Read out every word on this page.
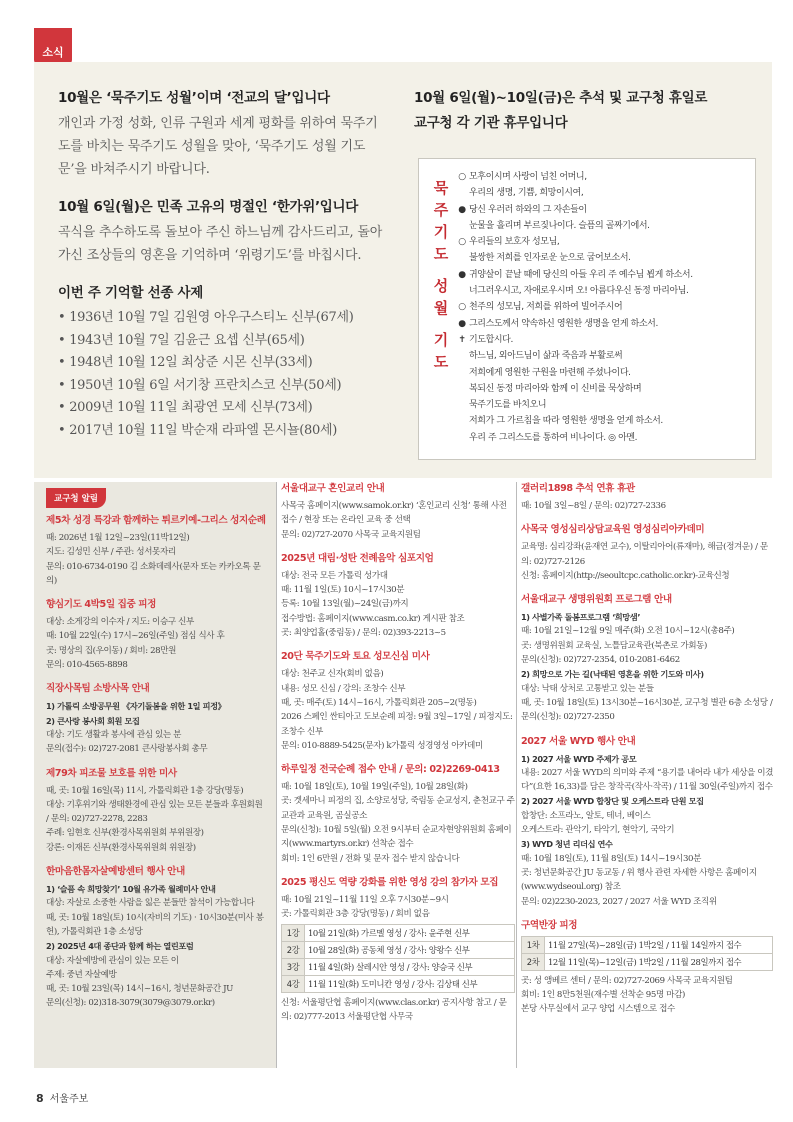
소식
10월은 ‘묵주기도 성월’이며 ‘전교의 달’입니다

개인과 가정 성화, 인류 구원과 세계 평화를 위하여 묵주기도를 바치는 묵주기도 성월을 맞아, ‘묵주기도 성월 기도문’을 바쳐주시기 바랍니다.

10월 6일(월)은 민족 고유의 명절인 ‘한가위’입니다

곡식을 추수하도록 돌보아 주신 하느님께 감사드리고, 돌아가신 조상들의 영혼을 기억하며 ‘위령기도’를 바칩시다.

이번 주 기억할 선종 사제
• 1936년 10월 7일 김원영 아우구스티노 신부(67세)
• 1943년 10월 7일 김윤근 요셉 신부(65세)
• 1948년 10월 12일 최상준 시몬 신부(33세)
• 1950년 10월 6일 서기창 프란치스코 신부(50세)
• 2009년 10월 11일 최광연 모세 신부(73세)
• 2017년 10월 11일 박순재 라파엘 몬시뇰(80세)
10월 6일(월)~10일(금)은 추석 및 교구청 휴일로
교구청 각 기관 휴무입니다
묵
주
기
도
성
월
기
도
○ 모후이시며 사랑이 넘친 어머니,
우리의 생명, 기쁨, 희망이시여,
● 당신 우러러 하와의 그 자손들이
눈물을 흘리며 부르짖나이다. 슬픔의 골짜기에서.
○ 우리들의 보호자 성모님,
불쌍한 저희를 인자로운 눈으로 굽어보소서.
● 귀양살이 끝날 때에 당신의 아들 우리 주 예수님 뵙게 하소서.
너그러우시고, 자애로우시며 오! 아름다우신 동정 마리아님.
○ 천주의 성모님, 저희를 위하여 빌어주시어
● 그리스도께서 약속하신 영원한 생명을 얻게 하소서.
✝ 기도합시다.
하느님, 외아드님이 삶과 죽음과 부활로써
저희에게 영원한 구원을 마련해 주셨나이다.
복되신 동정 마리아와 함께 이 신비를 묵상하며
묵주기도를 바치오니
저희가 그 가르침을 따라 영원한 생명을 얻게 하소서.
우리 주 그리스도를 통하여 비나이다. ◎ 아멘.
교구청 알림
제5차 성경 특강과 함께하는 튀르키예-그리스 성지순례
때: 2026년 1월 12일~23일(11박12일)
지도: 김성민 신부 / 주관: 성서못자리
문의: 010-6734-0190 김 소화데레사(문자 또는 카카오톡 문의)
향심기도 4박5일 집중 피정
대상: 소게강의 이수자 / 지도: 이승구 신부
때: 10월 22일(수) 17시~26일(주일) 점심 식사 후
곳: 명상의 집(우이동) / 회비: 28만원
문의: 010-4565-8898
직장사목팀 소방사목 안내
1) 가톨릭 소방공무원 《자기돌봄을 위한 1일 피정》
2) 큰사랑 봉사회 회원 모집
대상: 기도 생활과 봉사에 관심 있는 분
문의(접수): 02)727-2081 큰사랑봉사회 총무
제79차 피조물 보호를 위한 미사
때, 곳: 10월 16일(목) 11시, 가톨릭회관 1층 강당(명동)
대상: 기후위기와 생태환경에 관심 있는 모든 분들과 후원회원 / 문의: 02)727-2278, 2283
주례: 임현호 신부(환경사목위원회 부위원장)
강론: 이재돈 신부(환경사목위원회 위원장)
한마음한몸자살예방센터 행사 안내
1) ‘슬픔 속 희망찾기’ 10월 유가족 월례미사 안내
대상: 자살로 소중한 사람을 잃은 분들만 참석이 가능합니다
때, 곳: 10월 18일(토) 10시(자비의 기도) · 10시30분(미사 봉헌), 가톨릭회관 1층 소성당
2) 2025년 4대 종단과 함께 하는 열린포럼
대상: 자살예방에 관심이 있는 모든 이
주제: 중년 자살예방
때, 곳: 10월 23일(목) 14시~16시, 청년문화공간 JU
문의(신청): 02)318-3079(3079@3079.or.kr)
서울대교구 혼인교리 안내
사목국 홈페이지(www.samok.or.kr) ‘혼인교리 신청’ 통해 사전 접수 / 현장 또는 온라인 교육 중 선택
문의: 02)727-2070 사목국 교육지원팀
2025년 대림·성탄 전례음악 심포지엄
대상: 전국 모든 가톨릭 성가대
때: 11월 1일(토) 10시~17시30분
등록: 10월 13일(월)~24일(금)까지
접수방법: 홈페이지(www.casm.co.kr) 게시판 참조
곳: 최양업홀(중림동) / 문의: 02)393-2213~5
20단 묵주기도와 토요 성모신심 미사
대상: 천주교 신자(회비 없음)
내용: 성모 신심 / 강의: 조창수 신부
때, 곳: 매주(토) 14시~16시, 가톨릭회관 205~2(명동)
2026 스페인 싼티아고 도보순례 피정: 9월 3일~17일 / 피정지도: 조창수 신부
문의: 010-8889-5425(문자) k가톨릭 성경영성 아카데미
하루일정 전국순례 접수 안내 / 문의: 02)2269-0413
때: 10월 18일(토), 10월 19일(주일), 10월 28일(화)
곳: 겟세마니 피정의 집, 소양로성당, 죽림동 순교성지, 춘천교구 주교관과 교육원, 곰실공소
문의(신청): 10월 5일(월) 오전 9시부터 순교자현양위원회 홈페이지(www.martyrs.or.kr) 선착순 접수
회비: 1인 6만원 / 전화 및 문자 접수 받지 않습니다
2025 평신도 역량 강화를 위한 영성 강의 참가자 모집
때: 10월 21일~11월 11일 오후 7시30분~9시
곳: 가톨릭회관 3층 강당(명동) / 회비 없음
1강	10월 21일(화) 가르멜 영성 / 강사: 윤주현 신부
2강	10월 28일(화) 공동체 영성 / 강사: 양왕수 신부
3강	11월 4일(화) 살레시안 영성 / 강사: 양승국 신부
4강	11월 11일(화) 도미니칸 영성 / 강사: 김상태 신부
신청: 서울평단협 홈페이지(www.clas.or.kr) 공지사항 참고 / 문의: 02)777-2013 서울평단협 사무국
갤러리1898 추석 연휴 휴관
때: 10월 3일~8일 / 문의: 02)727-2336
사목국 영성심리상담교육원 영성심리아카데미
교육명: 심리강좌(윤재연 교수), 이탈리아어(류재마), 해금(정겨운) / 문의: 02)727-2126
신청: 홈페이지(http://seoultcpc.catholic.or.kr)-교육신청
서울대교구 생명위원회 프로그램 안내
1) 사별가족 돌봄프로그램 ‘희망샘’
때: 10월 21일~12월 9일 매주(화) 오전 10시~12시(총8주)
곳: 생명위원회 교육실, 노틀담교육관(북촌로 가회동)
문의(신청): 02)727-2354, 010-2081-6462
2) 희망으로 가는 길(낙태된 영혼을 위한 기도와 미사)
대상: 낙태 상처로 고통받고 있는 분들
때, 곳: 10월 18일(토) 13시30분~16시30분, 교구청 별관 6층 소성당 / 문의(신청): 02)727-2350
2027 서울 WYD 행사 안내
1) 2027 서울 WYD 주제가 공모
내용: 2027 서울 WYD의 의미와 주제 “용기를 내어라 내가 세상을 이겼다”(요한 16,33)를 담은 창작곡(작사·작곡) / 11월 30일(주일)까지 접수
2) 2027 서울 WYD 합창단 및 오케스트라 단원 모집
합창단: 소프라노, 알토, 테너, 베이스
오케스트라: 관악기, 타악기, 현악기, 국악기
3) WYD 청년 리더십 연수
때: 10월 18일(토), 11월 8일(토) 14시~19시30분
곳: 청년문화공간 JU 동교동 / 위 행사 관련 자세한 사항은 홈페이지(www.wydseoul.org) 참조
문의: 02)2230-2023, 2027 / 2027 서울 WYD 조직위
구역반장 피정
1차	11월 27일(목)~28일(금) 1박2일 / 11월 14일까지 접수
2차	12월 11일(목)~12일(금) 1박2일 / 11월 28일까지 접수
곳: 성 앵베르 센터 / 문의: 02)727-2069 사목국 교육지원팀
회비: 1인 8만5천원(재수별 선착순 95명 마감)
본당 사무실에서 교구 양업 시스템으로 접수
8 서울주보
